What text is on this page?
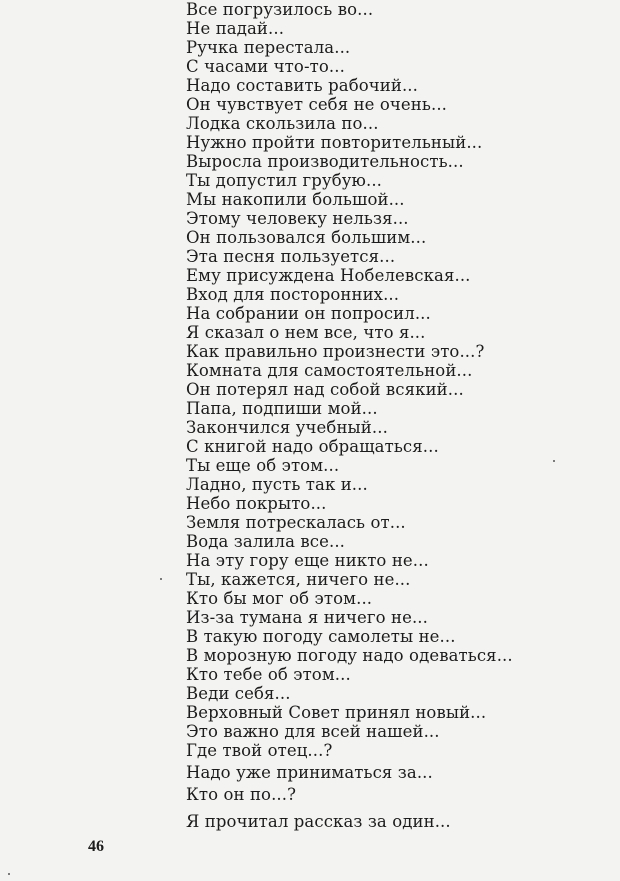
Все погрузилось во...
Не падай...
Ручка перестала...
С часами что-то...
Надо составить рабочий...
Он чувствует себя не очень...
Лодка скользила по...
Нужно пройти повторительный...
Выросла производительность...
Ты допустил грубую...
Мы накопили большой...
Этому человеку нельзя...
Он пользовался большим...
Эта песня пользуется...
Ему присуждена Нобелевская...
Вход для посторонних...
На собрании он попросил...
Я сказал о нем все, что я...
Как правильно произнести это...?
Комната для самостоятельной...
Он потерял над собой всякий...
Папа, подпиши мой...
Закончился учебный...
С книгой надо обращаться...
Ты еще об этом...
Ладно, пусть так и...
Небо покрыто...
Земля потрескалась от...
Вода залила все...
На эту гору еще никто не...
Ты, кажется, ничего не...
Кто бы мог об этом...
Из-за тумана я ничего не...
В такую погоду самолеты не...
В морозную погоду надо одеваться...
Кто тебе об этом...
Веди себя...
Верховный Совет принял новый...
Это важно для всей нашей...
Где твой отец...?
Надо уже приниматься за...
Кто он по...?
Я прочитал рассказ за один...
46
